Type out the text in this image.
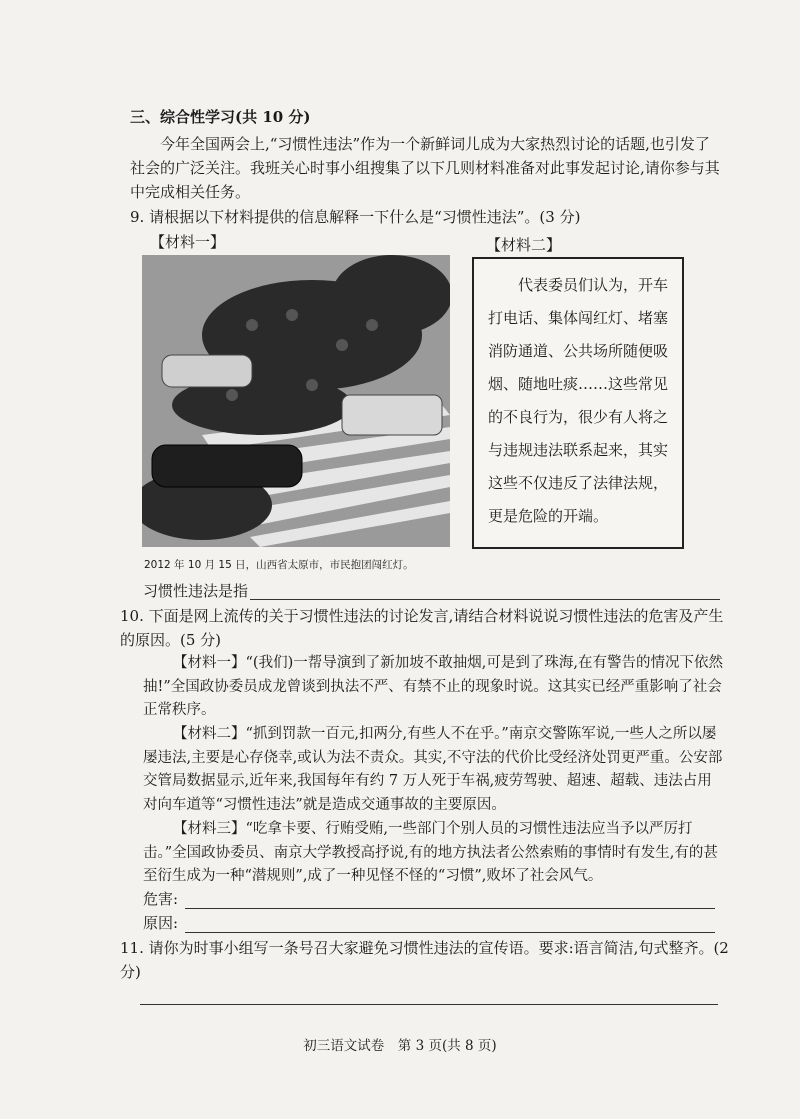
三、综合性学习(共 10 分)
今年全国两会上,“习惯性违法”作为一个新鲜词儿成为大家热烈讨论的话题,也引发了社会的广泛关注。我班关心时事小组搜集了以下几则材料准备对此事发起讨论,请你参与其中完成相关任务。
9. 请根据以下材料提供的信息解释一下什么是“习惯性违法”。(3 分)
【材料一】	【材料二】
2012 年 10 月 15 日，山西省太原市，市民抱团闯红灯。
代表委员们认为，开车打电话、集体闯红灯、堵塞消防通道、公共场所随便吸烟、随地吐痰……这些常见的不良行为，很少有人将之与违规违法联系起来，其实这些不仅违反了法律法规，更是危险的开端。
习惯性违法是指
10. 下面是网上流传的关于习惯性违法的讨论发言,请结合材料说说习惯性违法的危害及产生的原因。(5 分)
【材料一】“(我们)一帮导演到了新加坡不敢抽烟,可是到了珠海,在有警告的情况下依然抽!”全国政协委员成龙曾谈到执法不严、有禁不止的现象时说。这其实已经严重影响了社会正常秩序。
【材料二】“抓到罚款一百元,扣两分,有些人不在乎。”南京交警陈军说,一些人之所以屡屡违法,主要是心存侥幸,或认为法不责众。其实,不守法的代价比受经济处罚更严重。公安部交管局数据显示,近年来,我国每年有约 7 万人死于车祸,疲劳驾驶、超速、超载、违法占用对向车道等“习惯性违法”就是造成交通事故的主要原因。
【材料三】“吃拿卡要、行贿受贿,一些部门个别人员的习惯性违法应当予以严厉打击。”全国政协委员、南京大学教授高抒说,有的地方执法者公然索贿的事情时有发生,有的甚至衍生成为一种“潜规则”,成了一种见怪不怪的“习惯”,败坏了社会风气。
危害:
原因:
11. 请你为时事小组写一条号召大家避免习惯性违法的宣传语。要求:语言简洁,句式整齐。(2 分)
初三语文试卷　第 3 页(共 8 页)
